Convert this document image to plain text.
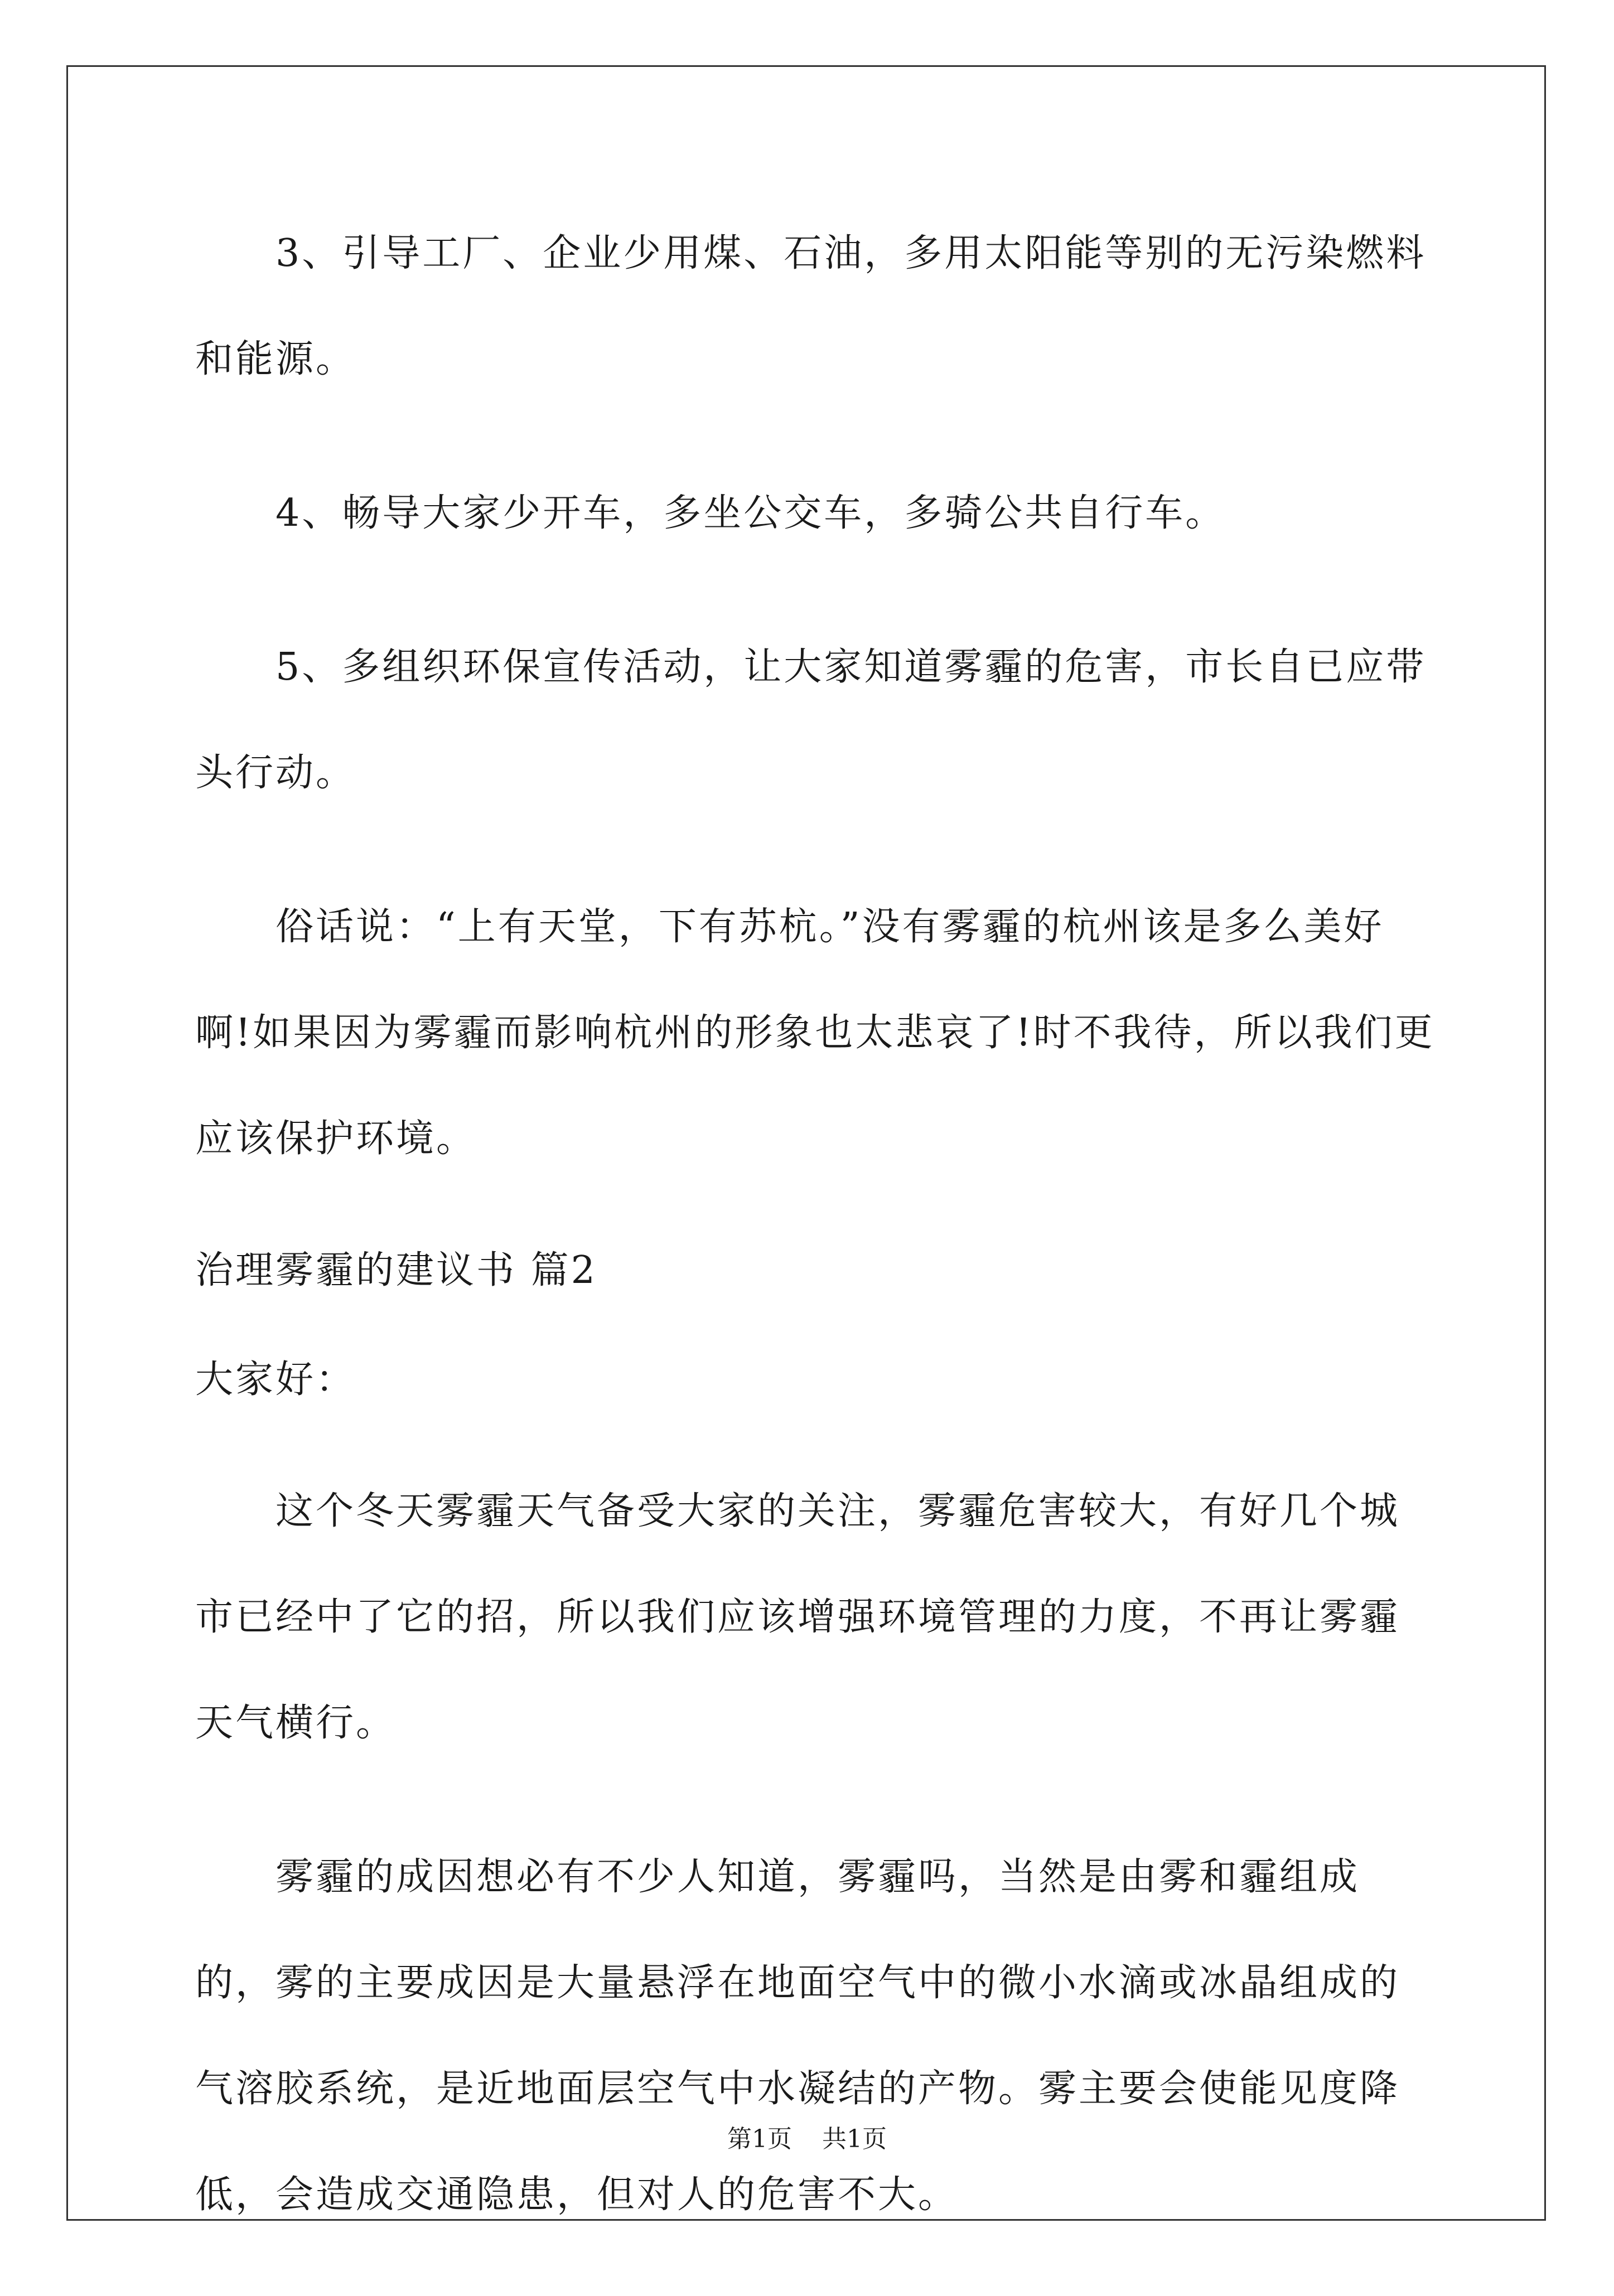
3、引导工厂、企业少用煤、石油，多用太阳能等别的无污染燃料和能源。

4、畅导大家少开车，多坐公交车，多骑公共自行车。

5、多组织环保宣传活动，让大家知道雾霾的危害，市长自已应带头行动。

俗话说：“上有天堂，下有苏杭。”没有雾霾的杭州该是多么美好啊!如果因为雾霾而影响杭州的形象也太悲哀了!时不我待，所以我们更应该保护环境。

治理雾霾的建议书 篇2

大家好：

这个冬天雾霾天气备受大家的关注，雾霾危害较大，有好几个城市已经中了它的招，所以我们应该增强环境管理的力度，不再让雾霾天气横行。

雾霾的成因想必有不少人知道，雾霾吗，当然是由雾和霾组成的，雾的主要成因是大量悬浮在地面空气中的微小水滴或冰晶组成的气溶胶系统，是近地面层空气中水凝结的产物。雾主要会使能见度降低，会造成交通隐患，但对人的危害不大。

第1页 共1页
